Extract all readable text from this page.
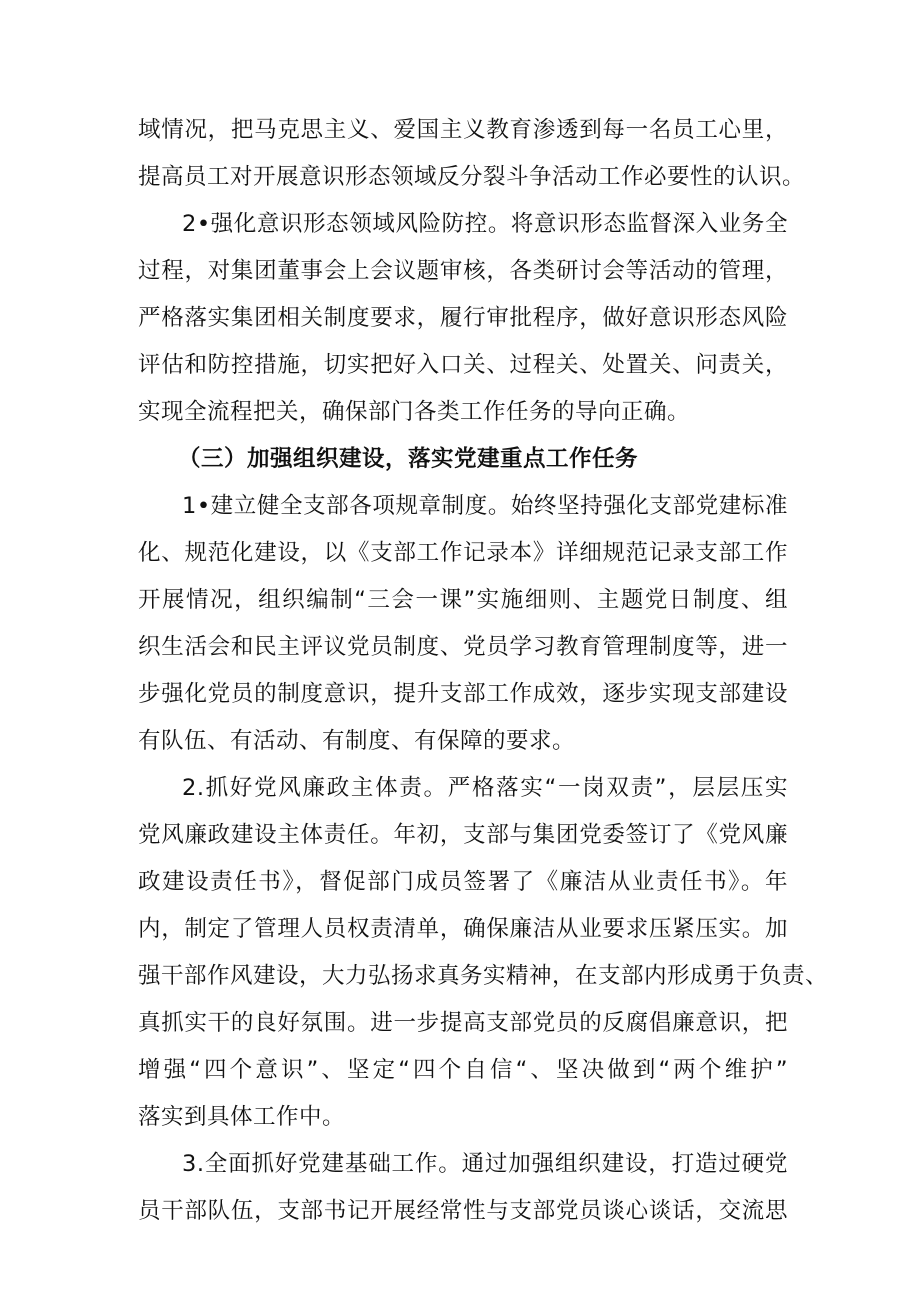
域情况，把马克思主义、爱国主义教育渗透到每一名员工心里，
提高员工对开展意识形态领域反分裂斗争活动工作必要性的认识。
2•强化意识形态领域风险防控。将意识形态监督深入业务全
过程，对集团董事会上会议题审核，各类研讨会等活动的管理，
严格落实集团相关制度要求，履行审批程序，做好意识形态风险
评估和防控措施，切实把好入口关、过程关、处置关、问责关，
实现全流程把关，确保部门各类工作任务的导向正确。
（三）加强组织建设，落实党建重点工作任务
1•建立健全支部各项规章制度。始终坚持强化支部党建标准
化、规范化建设，以《支部工作记录本》详细规范记录支部工作
开展情况，组织编制“三会一课”实施细则、主题党日制度、组
织生活会和民主评议党员制度、党员学习教育管理制度等，进一
步强化党员的制度意识，提升支部工作成效，逐步实现支部建设
有队伍、有活动、有制度、有保障的要求。
2.抓好党风廉政主体责。严格落实“一岗双责”，层层压实
党风廉政建设主体责任。年初，支部与集团党委签订了《党风廉
政建设责任书》，督促部门成员签署了《廉洁从业责任书》。年
内，制定了管理人员权责清单，确保廉洁从业要求压紧压实。加
强干部作风建设，大力弘扬求真务实精神，在支部内形成勇于负责、
真抓实干的良好氛围。进一步提高支部党员的反腐倡廉意识，把
增强“四个意识”、坚定“四个自信“、坚决做到“两个维护”
落实到具体工作中。
3.全面抓好党建基础工作。通过加强组织建设，打造过硬党
员干部队伍，支部书记开展经常性与支部党员谈心谈话，交流思
